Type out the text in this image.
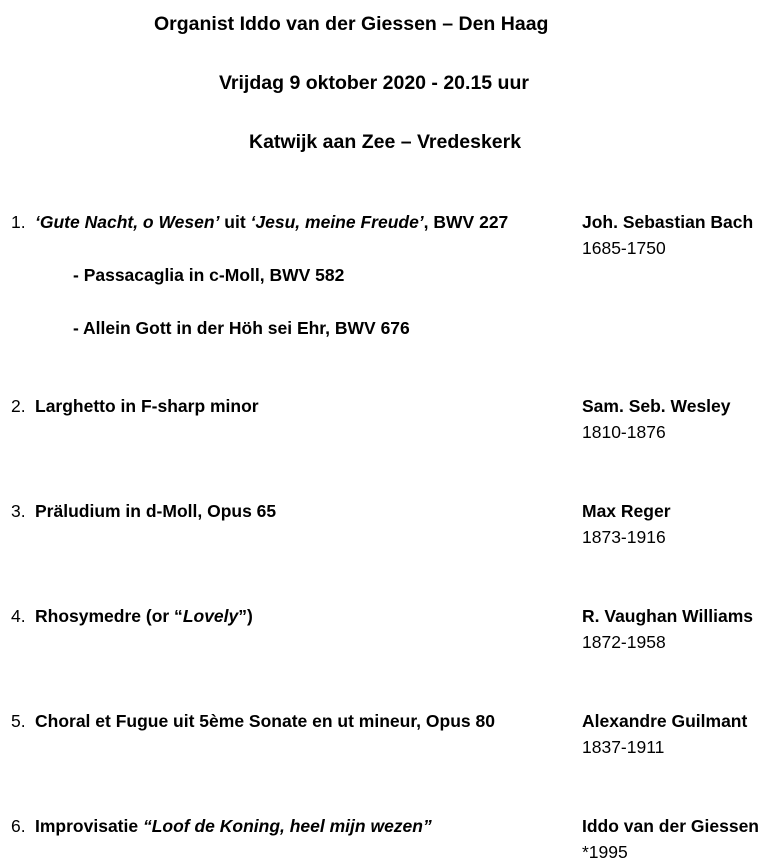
Organist Iddo van der Giessen – Den Haag
Vrijdag 9 oktober 2020 - 20.15 uur
Katwijk aan Zee – Vredeskerk
1. ‘Gute Nacht, o Wesen’ uit ‘Jesu, meine Freude’, BWV 227	Joh. Sebastian Bach
1685-1750
- Passacaglia in c-Moll, BWV 582
- Allein Gott in der Höh sei Ehr, BWV 676
2. Larghetto in F-sharp minor	Sam. Seb. Wesley
1810-1876
3. Präludium in d-Moll, Opus 65	Max Reger
1873-1916
4. Rhosymedre (or “Lovely”)	R. Vaughan Williams
1872-1958
5. Choral et Fugue uit 5ème Sonate en ut mineur, Opus 80	Alexandre Guilmant
1837-1911
6. Improvisatie “Loof de Koning, heel mijn wezen”	Iddo van der Giessen
*1995
